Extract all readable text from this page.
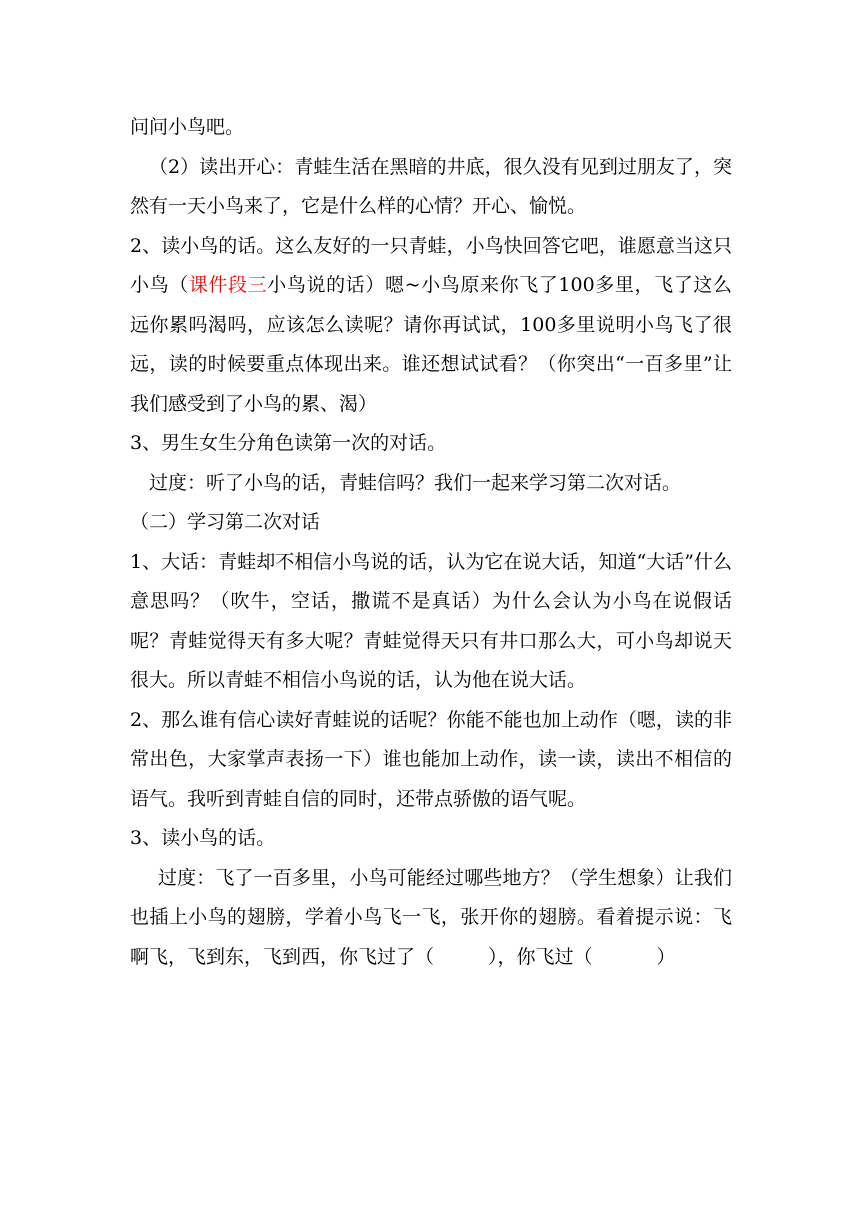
问问小鸟吧。

（2）读出开心：青蛙生活在黑暗的井底，很久没有见到过朋友了，突然有一天小鸟来了，它是什么样的心情？开心、愉悦。

2、读小鸟的话。这么友好的一只青蛙，小鸟快回答它吧，谁愿意当这只小鸟（课件段三小鸟说的话）嗯~小鸟原来你飞了100多里，飞了这么远你累吗渴吗，应该怎么读呢？请你再试试，100多里说明小鸟飞了很远，读的时候要重点体现出来。谁还想试试看？（你突出“一百多里”让我们感受到了小鸟的累、渴）

3、男生女生分角色读第一次的对话。

过度：听了小鸟的话，青蛙信吗？我们一起来学习第二次对话。

（二）学习第二次对话

1、大话：青蛙却不相信小鸟说的话，认为它在说大话，知道“大话”什么意思吗？（吹牛，空话，撒谎不是真话）为什么会认为小鸟在说假话呢？青蛙觉得天有多大呢？青蛙觉得天只有井口那么大，可小鸟却说天很大。所以青蛙不相信小鸟说的话，认为他在说大话。

2、那么谁有信心读好青蛙说的话呢？你能不能也加上动作（嗯，读的非常出色，大家掌声表扬一下）谁也能加上动作，读一读，读出不相信的语气。我听到青蛙自信的同时，还带点骄傲的语气呢。

3、读小鸟的话。

过度：飞了一百多里，小鸟可能经过哪些地方？（学生想象）让我们也插上小鸟的翅膀，学着小鸟飞一飞，张开你的翅膀。看着提示说：飞啊飞，飞到东，飞到西，你飞过了（	），你飞过（	）
